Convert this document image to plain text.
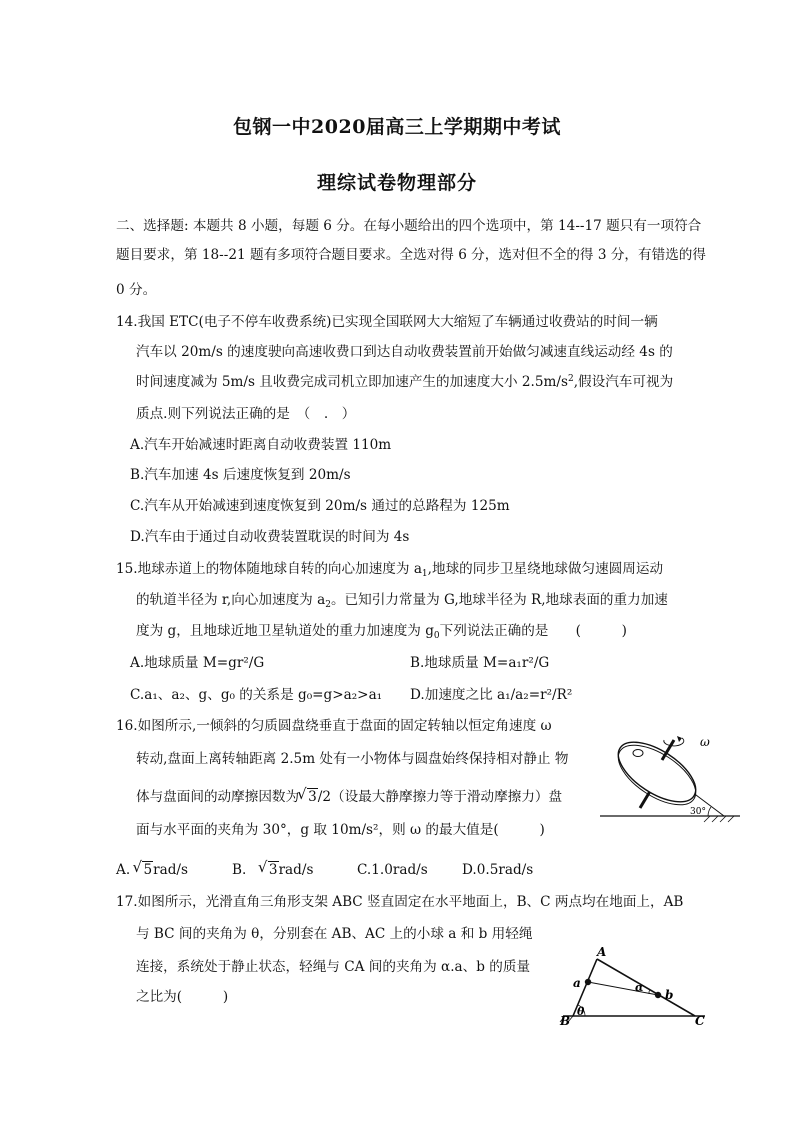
包钢一中2020届高三上学期期中考试
理综试卷物理部分
二、选择题: 本题共 8 小题，每题 6 分。在每小题给出的四个选项中，第 14--17 题只有一项符合
题目要求，第 18--21 题有多项符合题目要求。全选对得 6 分，选对但不全的得 3 分，有错选的得
0 分。
14.我国 ETC(电子不停车收费系统)已实现全国联网大大缩短了车辆通过收费站的时间一辆
汽车以 20m/s 的速度驶向高速收费口到达自动收费装置前开始做匀减速直线运动经 4s 的
时间速度减为 5m/s 且收费完成司机立即加速产生的加速度大小 $2.5m/s^2$,假设汽车可视为
质点.则下列说法正确的是　（　.　）
A.汽车开始减速时距离自动收费装置 110m
B.汽车加速 4s 后速度恢复到 20m/s
C.汽车从开始减速到速度恢复到 20m/s 通过的总路程为 125m
D.汽车由于通过自动收费装置耽误的时间为 4s
15.地球赤道上的物体随地球自转的向心加速度为 $a_1$,地球的同步卫星绕地球做匀速圆周运动
的轨道半径为 r,向心加速度为 $a_2$。已知引力常量为 G,地球半径为 R,地球表面的重力加速
度为 g，且地球近地卫星轨道处的重力加速度为 $g_0$下列说法正确的是　　(　　　)
A.地球质量 M=gr²/G	B.地球质量 M=a₁r²/G
C.a₁、a₂、g、g₀ 的关系是 g₀=g>a₂>a₁ D.加速度之比 a₁/a₂=r²/R²
16.如图所示,一倾斜的匀质圆盘绕垂直于盘面的固定转轴以恒定角速度 ω
转动,盘面上离转轴距离 2.5m 处有一小物体与圆盘始终保持相对静止 物
体与盘面间的动摩擦因数为√ 3/2（设最大静摩擦力等于滑动摩擦力）盘
面与水平面的夹角为 30°，g 取 10m/s²，则 ω 的最大值是(　　　)
A. √ 5rad/s	B.　√ 3rad/s	C.1.0rad/s	D.0.5rad/s
30°
ω
17.如图所示，光滑直角三角形支架 ABC 竖直固定在水平地面上，B、C 两点均在地面上，AB
与 BC 间的夹角为 θ，分别套在 AB、AC 上的小球 a 和 b 用轻绳
连接，系统处于静止状态，轻绳与 CA 间的夹角为 α.a、b 的质量
之比为(　　　)
A
B	C
a
b
α
θ
